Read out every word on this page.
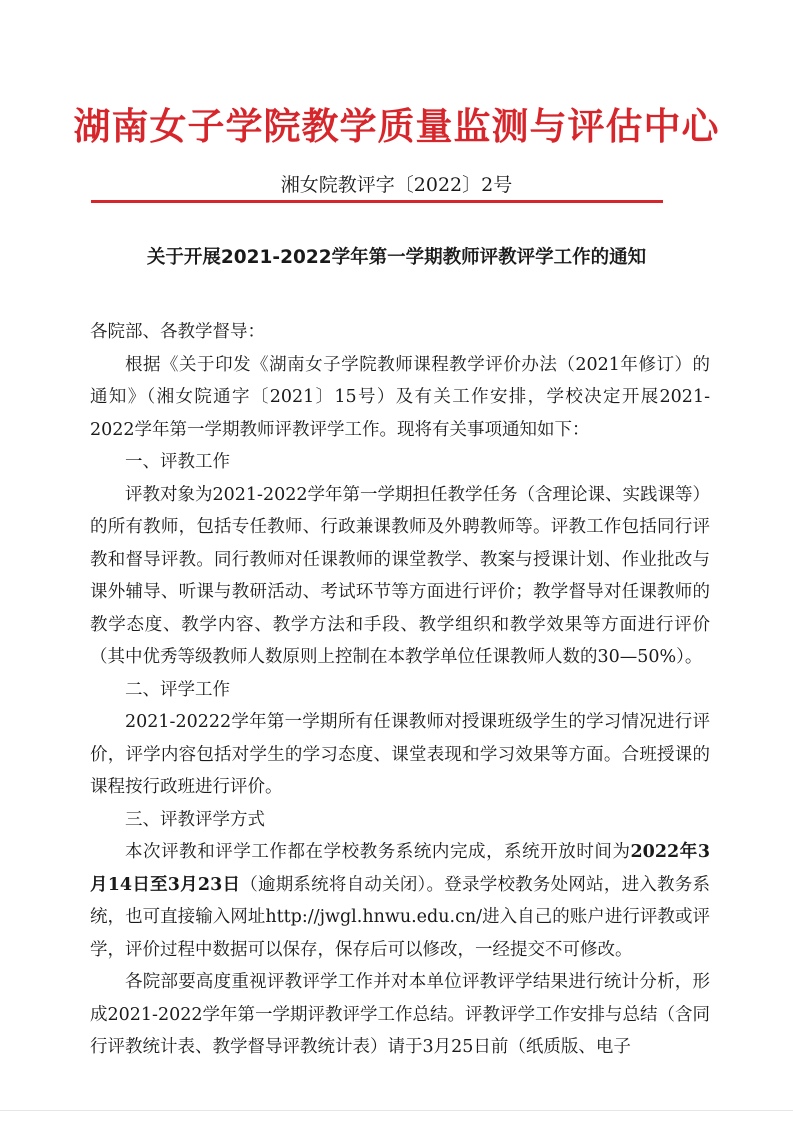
湖南女子学院教学质量监测与评估中心
湘女院教评字〔2022〕2号
关于开展2021-2022学年第一学期教师评教评学工作的通知

各院部、各教学督导：

根据《关于印发《湖南女子学院教师课程教学评价办法（2021年修订）的通知》（湘女院通字〔2021〕15号）及有关工作安排，学校决定开展2021-2022学年第一学期教师评教评学工作。现将有关事项通知如下：

一、评教工作

评教对象为2021-2022学年第一学期担任教学任务（含理论课、实践课等）的所有教师，包括专任教师、行政兼课教师及外聘教师等。评教工作包括同行评教和督导评教。同行教师对任课教师的课堂教学、教案与授课计划、作业批改与课外辅导、听课与教研活动、考试环节等方面进行评价；教学督导对任课教师的教学态度、教学内容、教学方法和手段、教学组织和教学效果等方面进行评价（其中优秀等级教师人数原则上控制在本教学单位任课教师人数的30—50%）。

二、评学工作

2021-20222学年第一学期所有任课教师对授课班级学生的学习情况进行评价，评学内容包括对学生的学习态度、课堂表现和学习效果等方面。合班授课的课程按行政班进行评价。

三、评教评学方式

本次评教和评学工作都在学校教务系统内完成，系统开放时间为2022年3月14日至3月23日（逾期系统将自动关闭）。登录学校教务处网站，进入教务系统，也可直接输入网址http://jwgl.hnwu.edu.cn/进入自己的账户进行评教或评学，评价过程中数据可以保存，保存后可以修改，一经提交不可修改。

各院部要高度重视评教评学工作并对本单位评教评学结果进行统计分析，形成2021-2022学年第一学期评教评学工作总结。评教评学工作安排与总结（含同行评教统计表、教学督导评教统计表）请于3月25日前（纸质版、电子
